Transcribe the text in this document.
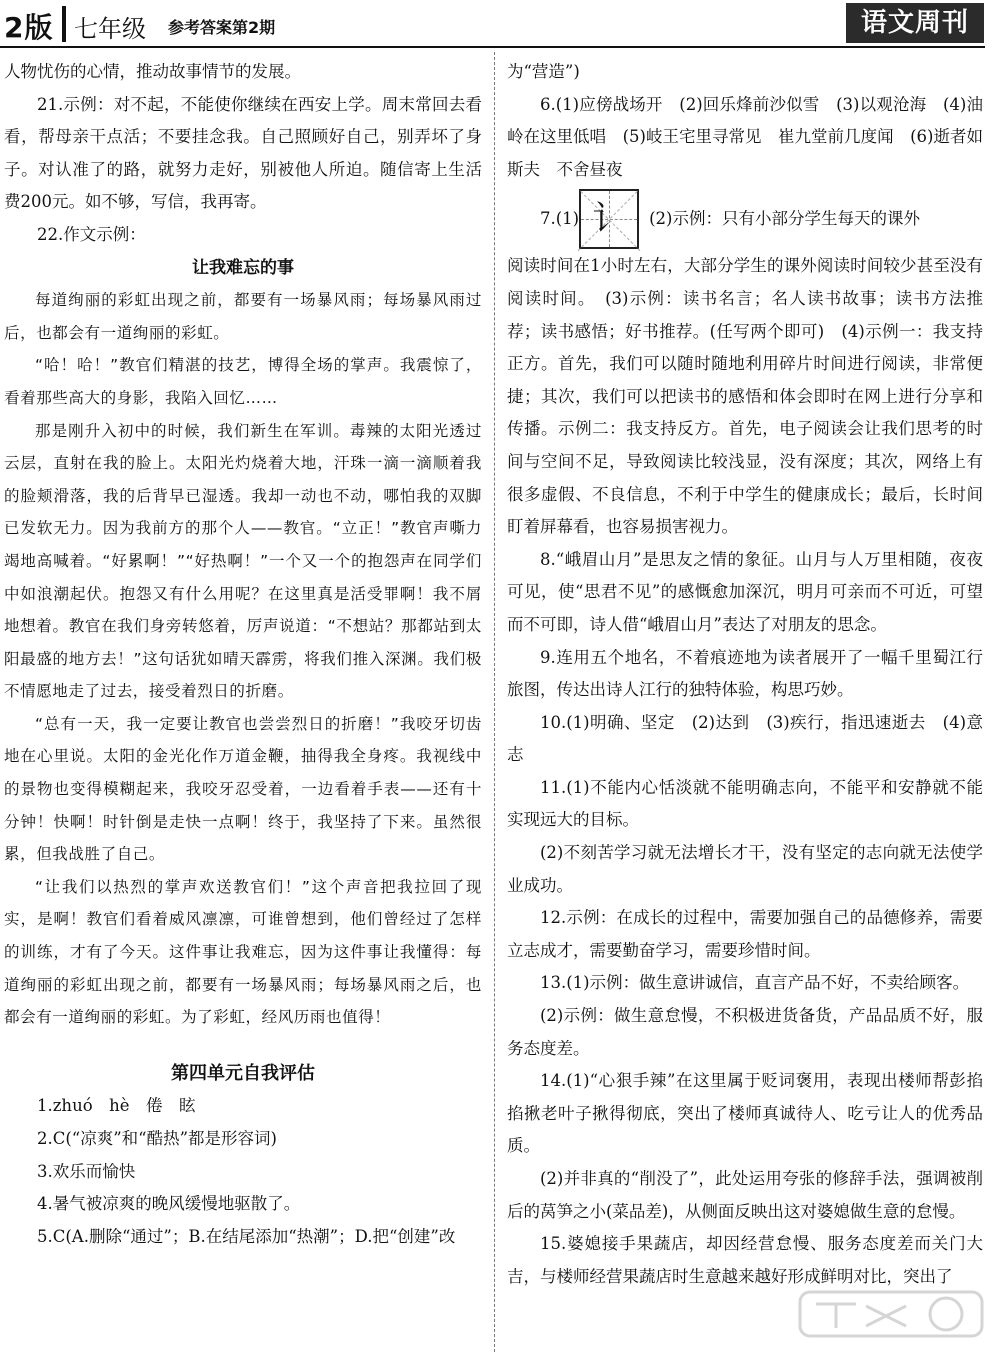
2版 七年级 参考答案第2期	语文周刊

人物忧伤的心情，推动故事情节的发展。

21.示例：对不起，不能使你继续在西安上学。周末常回去看看，帮母亲干点活；不要挂念我。自己照顾好自己，别弄坏了身子。对认准了的路，就努力走好，别被他人所迫。随信寄上生活费200元。如不够，写信，我再寄。

22.作文示例：

让我难忘的事

每道绚丽的彩虹出现之前，都要有一场暴风雨；每场暴风雨过后，也都会有一道绚丽的彩虹。

“哈！哈！”教官们精湛的技艺，博得全场的掌声。我震惊了，看着那些高大的身影，我陷入回忆……

那是刚升入初中的时候，我们新生在军训。毒辣的太阳光透过云层，直射在我的脸上。太阳光灼烧着大地，汗珠一滴一滴顺着我的脸颊滑落，我的后背早已湿透。我却一动也不动，哪怕我的双脚已发软无力。因为我前方的那个人——教官。“立正！”教官声嘶力竭地高喊着。“好累啊！”“好热啊！”一个又一个的抱怨声在同学们中如浪潮起伏。抱怨又有什么用呢？在这里真是活受罪啊！我不屑地想着。教官在我们身旁转悠着，厉声说道：“不想站？那都站到太阳最盛的地方去！”这句话犹如晴天霹雳，将我们推入深渊。我们极不情愿地走了过去，接受着烈日的折磨。

“总有一天，我一定要让教官也尝尝烈日的折磨！”我咬牙切齿地在心里说。太阳的金光化作万道金鞭，抽得我全身疼。我视线中的景物也变得模糊起来，我咬牙忍受着，一边看着手表——还有十分钟！快啊！时针倒是走快一点啊！终于，我坚持了下来。虽然很累，但我战胜了自己。

“让我们以热烈的掌声欢送教官们！”这个声音把我拉回了现实，是啊！教官们看着威风凛凛，可谁曾想到，他们曾经过了怎样的训练，才有了今天。这件事让我难忘，因为这件事让我懂得：每道绚丽的彩虹出现之前，都要有一场暴风雨；每场暴风雨之后，也都会有一道绚丽的彩虹。为了彩虹，经风历雨也值得！

第四单元自我评估

1.zhuó　hè　倦　眩

2.C(“凉爽”和“酷热”都是形容词)

3.欢乐而愉快

4.暑气被凉爽的晚风缓慢地驱散了。

5.C(A.删除“通过”；B.在结尾添加“热潮”；D.把“创建”改

为“营造”)

6.(1)应傍战场开　(2)回乐烽前沙似雪　(3)以观沧海　(4)油岭在这里低唱　(5)岐王宅里寻常见　崔九堂前几度闻　(6)逝者如斯夫　不舍昼夜

7.(1) 讠	(2)示例：只有小部分学生每天的课外

阅读时间在1小时左右，大部分学生的课外阅读时间较少甚至没有阅读时间。　(3)示例：读书名言；名人读书故事；读书方法推荐；读书感悟；好书推荐。(任写两个即可)　(4)示例一：我支持正方。首先，我们可以随时随地利用碎片时间进行阅读，非常便捷；其次，我们可以把读书的感悟和体会即时在网上进行分享和传播。示例二：我支持反方。首先，电子阅读会让我们思考的时间与空间不足，导致阅读比较浅显，没有深度；其次，网络上有很多虚假、不良信息，不利于中学生的健康成长；最后，长时间盯着屏幕看，也容易损害视力。

8.“峨眉山月”是思友之情的象征。山月与人万里相随，夜夜可见，使“思君不见”的感慨愈加深沉，明月可亲而不可近，可望而不可即，诗人借“峨眉山月”表达了对朋友的思念。

9.连用五个地名，不着痕迹地为读者展开了一幅千里蜀江行旅图，传达出诗人江行的独特体验，构思巧妙。

10.(1)明确、坚定　(2)达到　(3)疾行，指迅速逝去　(4)意志

11.(1)不能内心恬淡就不能明确志向，不能平和安静就不能实现远大的目标。

(2)不刻苦学习就无法增长才干，没有坚定的志向就无法使学业成功。

12.示例：在成长的过程中，需要加强自己的品德修养，需要立志成才，需要勤奋学习，需要珍惜时间。

13.(1)示例：做生意讲诚信，直言产品不好，不卖给顾客。

(2)示例：做生意怠慢，不积极进货备货，产品品质不好，服务态度差。

14.(1)“心狠手辣”在这里属于贬词褒用，表现出楼师帮彭掐掐揪老叶子揪得彻底，突出了楼师真诚待人、吃亏让人的优秀品质。

(2)并非真的“削没了”，此处运用夸张的修辞手法，强调被削后的莴笋之小(菜品差)，从侧面反映出这对婆媳做生意的怠慢。

15.婆媳接手果蔬店，却因经营怠慢、服务态度差而关门大吉，与楼师经营果蔬店时生意越来越好形成鲜明对比，突出了
